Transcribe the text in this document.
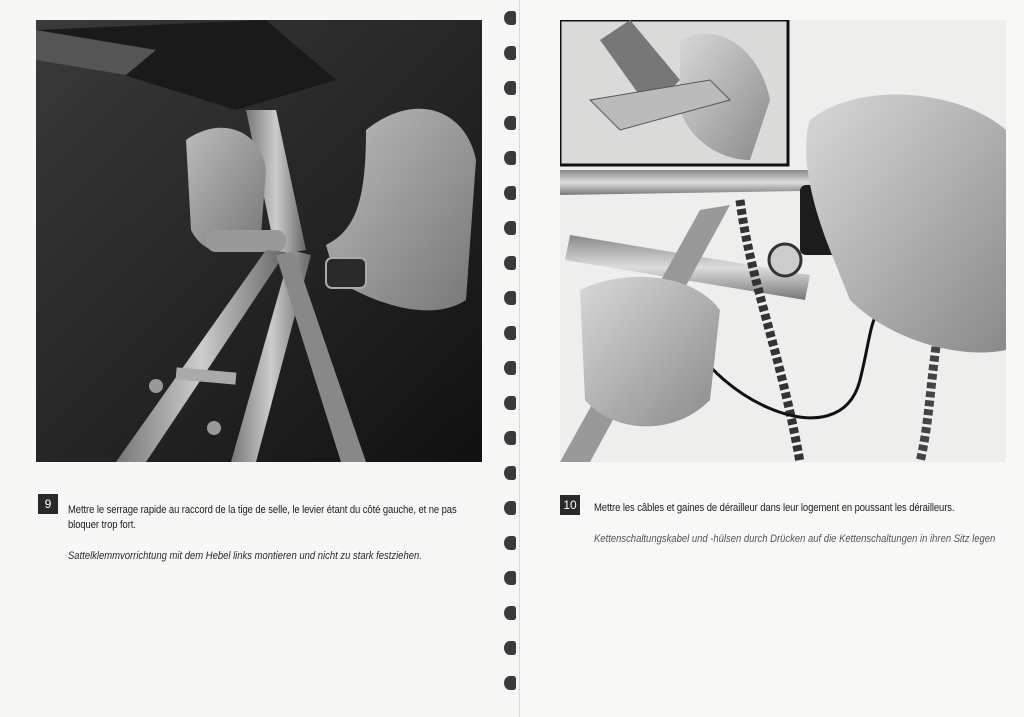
9	Mettre le serrage rapide au raccord de la tige de selle, le levier étant du côté gauche, et ne pas bloquer trop fort.
Sattelklemmvorrichtung mit dem Hebel links montieren und nicht zu stark festziehen.
10	Mettre les câbles et gaines de dérailleur dans leur logement en poussant les dérailleurs.
Kettenschaltungskabel und -hülsen durch Drücken auf die Kettenschaltungen in ihren Sitz legen
